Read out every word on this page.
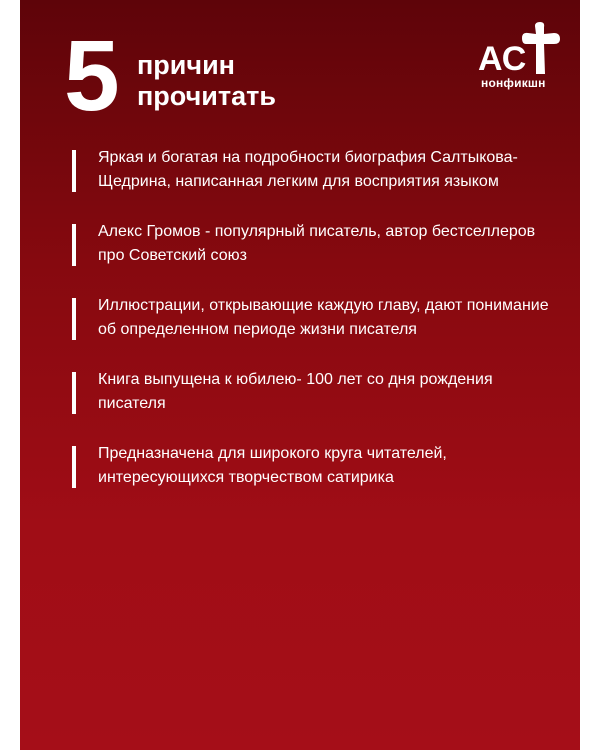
5 причин
прочитать
АС
нонфикшн
Яркая и богатая на подробности биография Салтыкова-Щедрина, написанная легким для восприятия языком
Алекс Громов - популярный писатель, автор бестселлеров про Советский союз
Иллюстрации, открывающие каждую главу, дают понимание об определенном периоде жизни писателя
Книга выпущена к юбилею- 100 лет со дня рождения писателя
Предназначена для широкого круга читателей, интересующихся творчеством сатирика
